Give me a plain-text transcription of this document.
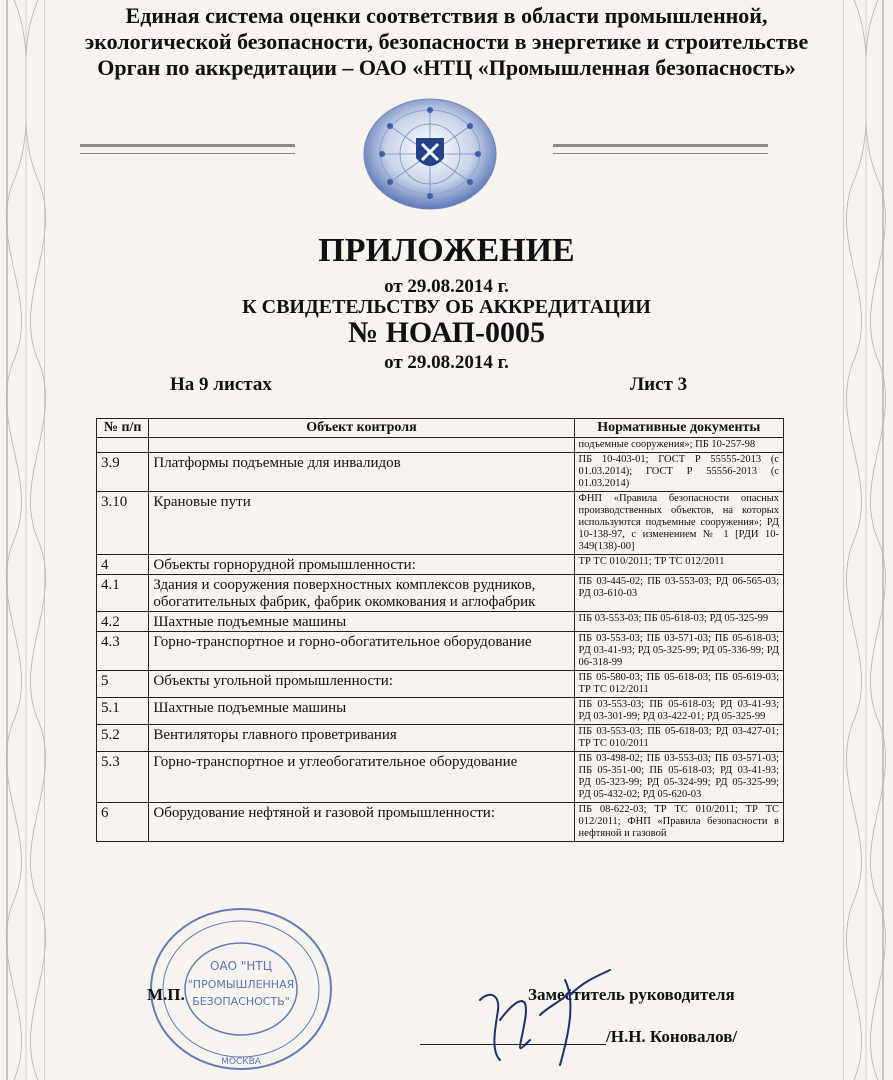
Единая система оценки соответствия в области промышленной,
экологической безопасности, безопасности в энергетике и строительстве
Орган по аккредитации – ОАО «НТЦ «Промышленная безопасность»
ПРИЛОЖЕНИЕ
от 29.08.2014 г.
К СВИДЕТЕЛЬСТВУ ОБ АККРЕДИТАЦИИ
№ НОАП-0005
от 29.08.2014 г.
На 9 листах	Лист 3
№ п/п	Объект контроля	Нормативные документы
		подъемные сооружения»; ПБ 10-257-98
3.9	Платформы подъемные для инвалидов	ПБ 10-403-01; ГОСТ Р 55555-2013 (с 01.03.2014); ГОСТ Р 55556-2013 (с 01.03.2014)
3.10	Крановые пути	ФНП «Правила безопасности опасных производственных объектов, на которых используются подъемные сооружения»; РД 10-138-97, с изменением № 1 [РДИ 10-349(138)-00]
4	Объекты горнорудной промышленности:	ТР ТС 010/2011; ТР ТС 012/2011
4.1	Здания и сооружения поверхностных комплексов рудников, обогатительных фабрик, фабрик окомкования и аглофабрик	ПБ 03-445-02; ПБ 03-553-03; РД 06-565-03; РД 03-610-03
4.2	Шахтные подъемные машины	ПБ 03-553-03; ПБ 05-618-03; РД 05-325-99
4.3	Горно-транспортное и горно-обогатительное оборудование	ПБ 03-553-03; ПБ 03-571-03; ПБ 05-618-03; РД 03-41-93; РД 05-325-99; РД 05-336-99; РД 06-318-99
5	Объекты угольной промышленности:	ПБ 05-580-03; ПБ 05-618-03; ПБ 05-619-03; ТР ТС 012/2011
5.1	Шахтные подъемные машины	ПБ 03-553-03; ПБ 05-618-03; РД 03-41-93; РД 03-301-99; РД 03-422-01; РД 05-325-99
5.2	Вентиляторы главного проветривания	ПБ 03-553-03; ПБ 05-618-03; РД 03-427-01; ТР ТС 010/2011
5.3	Горно-транспортное и углеобогатительное оборудование	ПБ 03-498-02; ПБ 03-553-03; ПБ 03-571-03; ПБ 05-351-00; ПБ 05-618-03; РД 03-41-93; РД 05-323-99; РД 05-324-99; РД 05-325-99; РД 05-432-02; РД 05-620-03
6	Оборудование нефтяной и газовой промышленности:	ПБ 08-622-03; ТР ТС 010/2011; ТР ТС 012/2011; ФНП «Правила безопасности в нефтяной и газовой
ОАО "НТЦ
"ПРОМЫШЛЕННАЯ
БЕЗОПАСНОСТЬ"
МОСКВА
М.П.	Заместитель руководителя
/Н.Н. Коновалов/
